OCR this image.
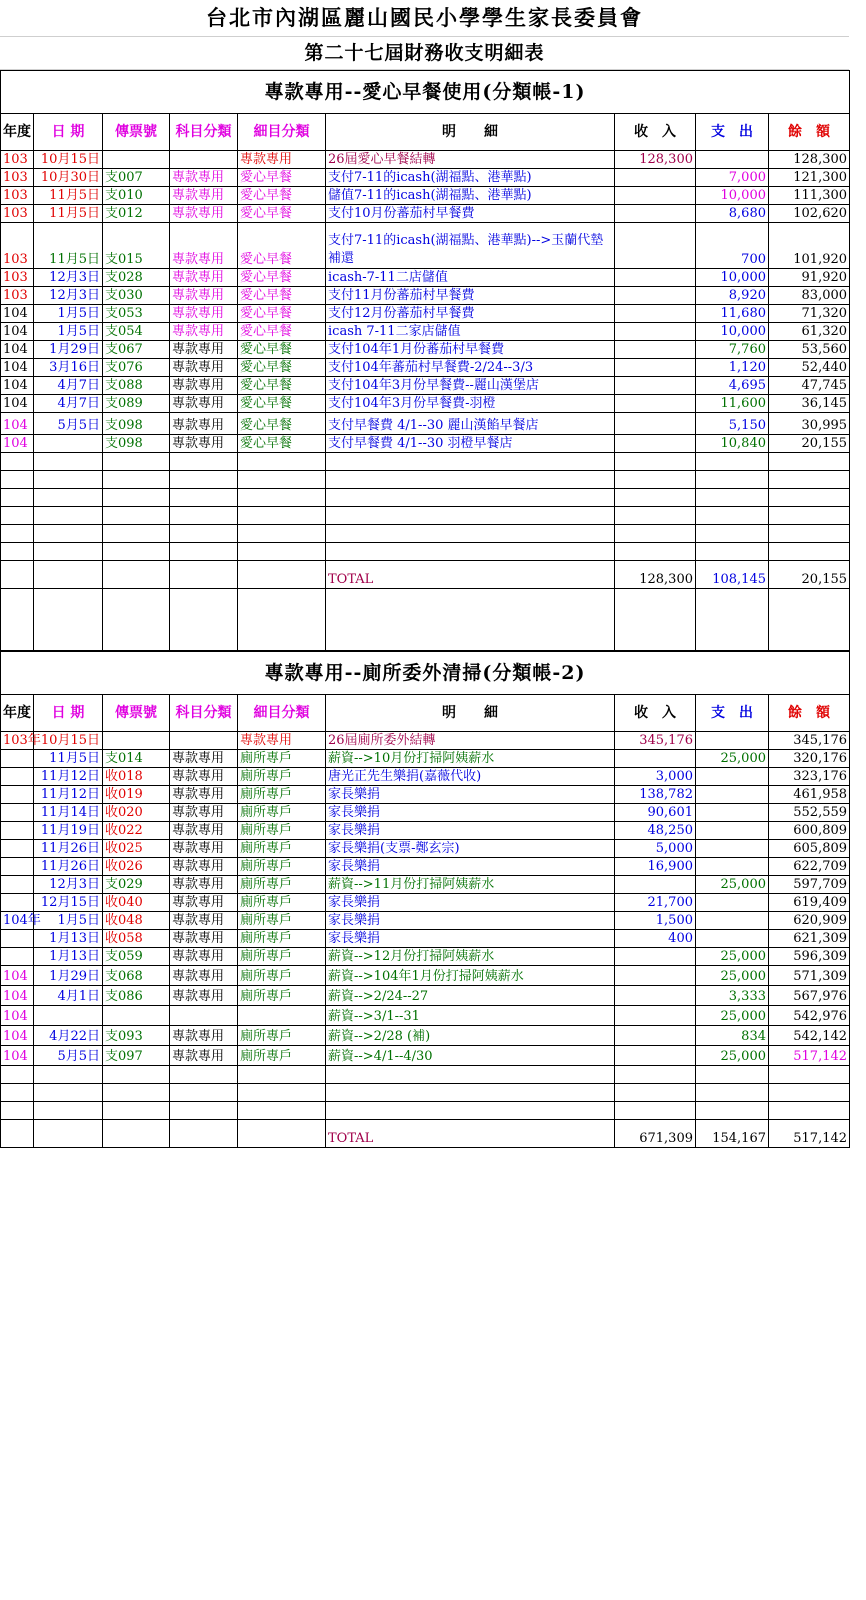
台北市內湖區麗山國民小學學生家長委員會
第二十七屆財務收支明細表
專款專用--愛心早餐使用(分類帳-1)								
年度	日 期	傳票號	科目分類	細目分類	明　　細	收　入	支　出	餘　額
103	10月15日			專款專用	26屆愛心早餐結轉	128,300		128,300
103	10月30日	支007	專款專用	愛心早餐	支付7-11的icash(湖福點、港華點)		7,000	121,300
103	11月5日	支010	專款專用	愛心早餐	儲值7-11的icash(湖福點、港華點)		10,000	111,300
103	11月5日	支012	專款專用	愛心早餐	支付10月份蕃茄村早餐費		8,680	102,620
103	11月5日	支015	專款專用	愛心早餐	支付7-11的icash(湖福點、港華點)-->玉蘭代墊補還		700	101,920
103	12月3日	支028	專款專用	愛心早餐	icash-7-11二店儲值		10,000	91,920
103	12月3日	支030	專款專用	愛心早餐	支付11月份蕃茄村早餐費		8,920	83,000
104	1月5日	支053	專款專用	愛心早餐	支付12月份蕃茄村早餐費		11,680	71,320
104	1月5日	支054	專款專用	愛心早餐	icash 7-11二家店儲值		10,000	61,320
104	1月29日	支067	專款專用	愛心早餐	支付104年1月份蕃茄村早餐費		7,760	53,560
104	3月16日	支076	專款專用	愛心早餐	支付104年蕃茄村早餐費-2/24--3/3		1,120	52,440
104	4月7日	支088	專款專用	愛心早餐	支付104年3月份早餐費--麗山漢堡店		4,695	47,745
104	4月7日	支089	專款專用	愛心早餐	支付104年3月份早餐費-羽橙		11,600	36,145
104	5月5日	支098	專款專用	愛心早餐	支付早餐費 4/1--30 麗山漢餡早餐店		5,150	30,995
104		支098	專款專用	愛心早餐	支付早餐費 4/1--30 羽橙早餐店		10,840	20,155

					TOTAL	128,300	108,145	20,155

專款專用--廁所委外清掃(分類帳-2)								
年度	日 期	傳票號	科目分類	細目分類	明　　細	收　入	支　出	餘　額
103年	10月15日			專款專用	26屆廁所委外結轉	345,176		345,176
	11月5日	支014	專款專用	廁所專戶	薪資-->10月份打掃阿姨薪水		25,000	320,176
	11月12日	收018	專款專用	廁所專戶	唐光正先生樂捐(嘉薇代收)	3,000		323,176
	11月12日	收019	專款專用	廁所專戶	家長樂捐	138,782		461,958
	11月14日	收020	專款專用	廁所專戶	家長樂捐	90,601		552,559
	11月19日	收022	專款專用	廁所專戶	家長樂捐	48,250		600,809
	11月26日	收025	專款專用	廁所專戶	家長樂捐(支票-鄭玄宗)	5,000		605,809
	11月26日	收026	專款專用	廁所專戶	家長樂捐	16,900		622,709
	12月3日	支029	專款專用	廁所專戶	薪資-->11月份打掃阿姨薪水		25,000	597,709
	12月15日	收040	專款專用	廁所專戶	家長樂捐	21,700		619,409
104年	1月5日	收048	專款專用	廁所專戶	家長樂捐	1,500		620,909
	1月13日	收058	專款專用	廁所專戶	家長樂捐	400		621,309
	1月13日	支059	專款專用	廁所專戶	薪資-->12月份打掃阿姨薪水		25,000	596,309
104	1月29日	支068	專款專用	廁所專戶	薪資-->104年1月份打掃阿姨薪水		25,000	571,309
104	4月1日	支086	專款專用	廁所專戶	薪資-->2/24--27		3,333	567,976
104					薪資-->3/1--31		25,000	542,976
104	4月22日	支093	專款專用	廁所專戶	薪資-->2/28 (補)		834	542,142
104	5月5日	支097	專款專用	廁所專戶	薪資-->4/1--4/30		25,000	517,142

					TOTAL	671,309	154,167	517,142
